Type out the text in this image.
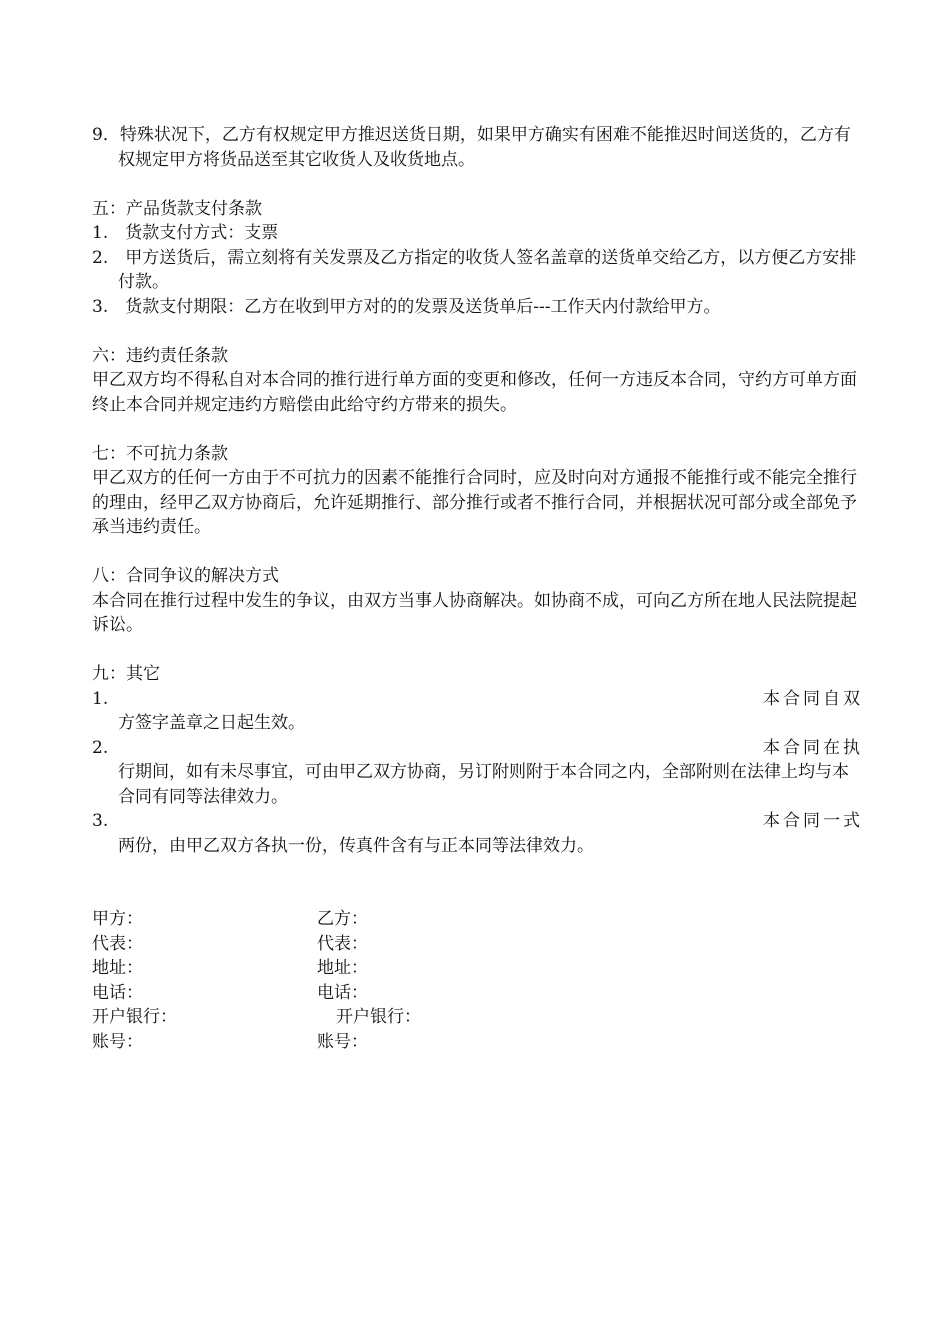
9．特殊状况下，乙方有权规定甲方推迟送货日期，如果甲方确实有困难不能推迟时间送货的，乙方有权规定甲方将货品送至其它收货人及收货地点。
五：产品货款支付条款
1.　货款支付方式：支票
2.　甲方送货后，需立刻将有关发票及乙方指定的收货人签名盖章的送货单交给乙方，以方便乙方安排付款。
3.　货款支付期限：乙方在收到甲方对的的发票及送货单后---工作天内付款给甲方。
六：违约责任条款
甲乙双方均不得私自对本合同的推行进行单方面的变更和修改，任何一方违反本合同，守约方可单方面终止本合同并规定违约方赔偿由此给守约方带来的损失。
七：不可抗力条款
甲乙双方的任何一方由于不可抗力的因素不能推行合同时，应及时向对方通报不能推行或不能完全推行的理由，经甲乙双方协商后，允许延期推行、部分推行或者不推行合同，并根据状况可部分或全部免予承当违约责任。
八：合同争议的解决方式
本合同在推行过程中发生的争议，由双方当事人协商解决。如协商不成，可向乙方所在地人民法院提起诉讼。
九：其它
1.	本合同自双
方签字盖章之日起生效。
2.	本合同在执
行期间，如有未尽事宜，可由甲乙双方协商，另订附则附于本合同之内，全部附则在法律上均与本合同有同等法律效力。
3.	本合同一式
两份，由甲乙双方各执一份，传真件含有与正本同等法律效力。
甲方：	乙方：
代表：	代表：
地址：	地址：
电话：	电话：
开户银行：	开户银行：
账号：	账号：
